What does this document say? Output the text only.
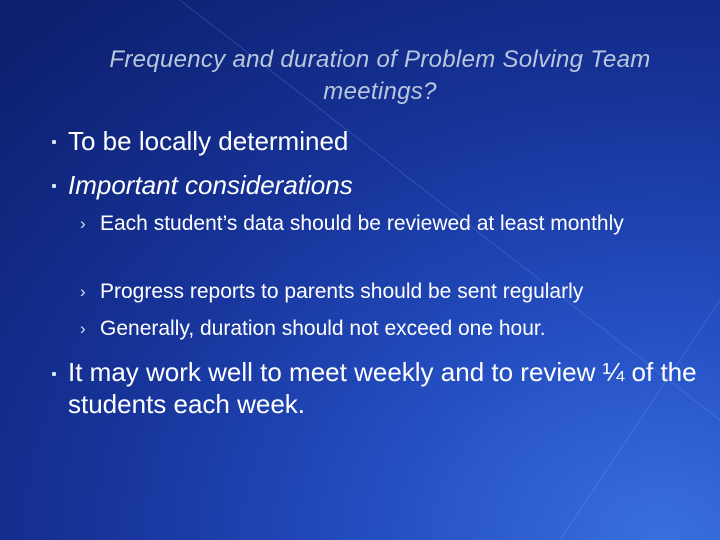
Frequency and duration of Problem Solving Team meetings?
To be locally determined
Important considerations
› Each student’s data should be reviewed at least monthly
› Progress reports to parents should be sent regularly
› Generally, duration should not exceed one hour.
It may work well to meet weekly and to review ¼ of the students each week.
